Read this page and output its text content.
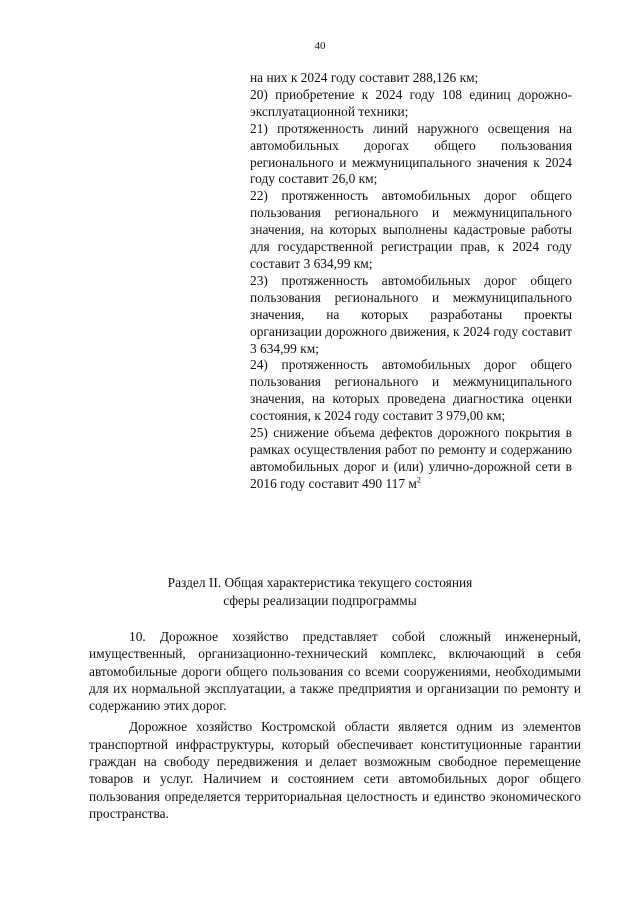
40

на них к 2024 году составит 288,126 км;

20) приобретение к 2024 году 108 единиц дорожно-эксплуатационной техники;

21) протяженность линий наружного освещения на автомобильных дорогах общего пользования регионального и межмуниципального значения к 2024 году составит 26,0 км;

22) протяженность автомобильных дорог общего пользования регионального и межмуниципального значения, на которых выполнены кадастровые работы для государственной регистрации прав, к 2024 году составит 3 634,99 км;

23) протяженность автомобильных дорог общего пользования регионального и межмуниципального значения, на которых разработаны проекты организации дорожного движения, к 2024 году составит 3 634,99 км;

24) протяженность автомобильных дорог общего пользования регионального и межмуниципального значения, на которых проведена диагностика оценки состояния, к 2024 году составит 3 979,00 км;

25) снижение объема дефектов дорожного покрытия в рамках осуществления работ по ремонту и содержанию автомобильных дорог и (или) улично-дорожной сети в 2016 году составит 490 117 $м^2$

Раздел II. Общая характеристика текущего состояния
сферы реализации подпрограммы

10. Дорожное хозяйство представляет собой сложный инженерный, имущественный, организационно-технический комплекс, включающий в себя автомобильные дороги общего пользования со всеми сооружениями, необходимыми для их нормальной эксплуатации, а также предприятия и организации по ремонту и содержанию этих дорог.

Дорожное хозяйство Костромской области является одним из элементов транспортной инфраструктуры, который обеспечивает конституционные гарантии граждан на свободу передвижения и делает возможным свободное перемещение товаров и услуг. Наличием и состоянием сети автомобильных дорог общего пользования определяется территориальная целостность и единство экономического пространства.
